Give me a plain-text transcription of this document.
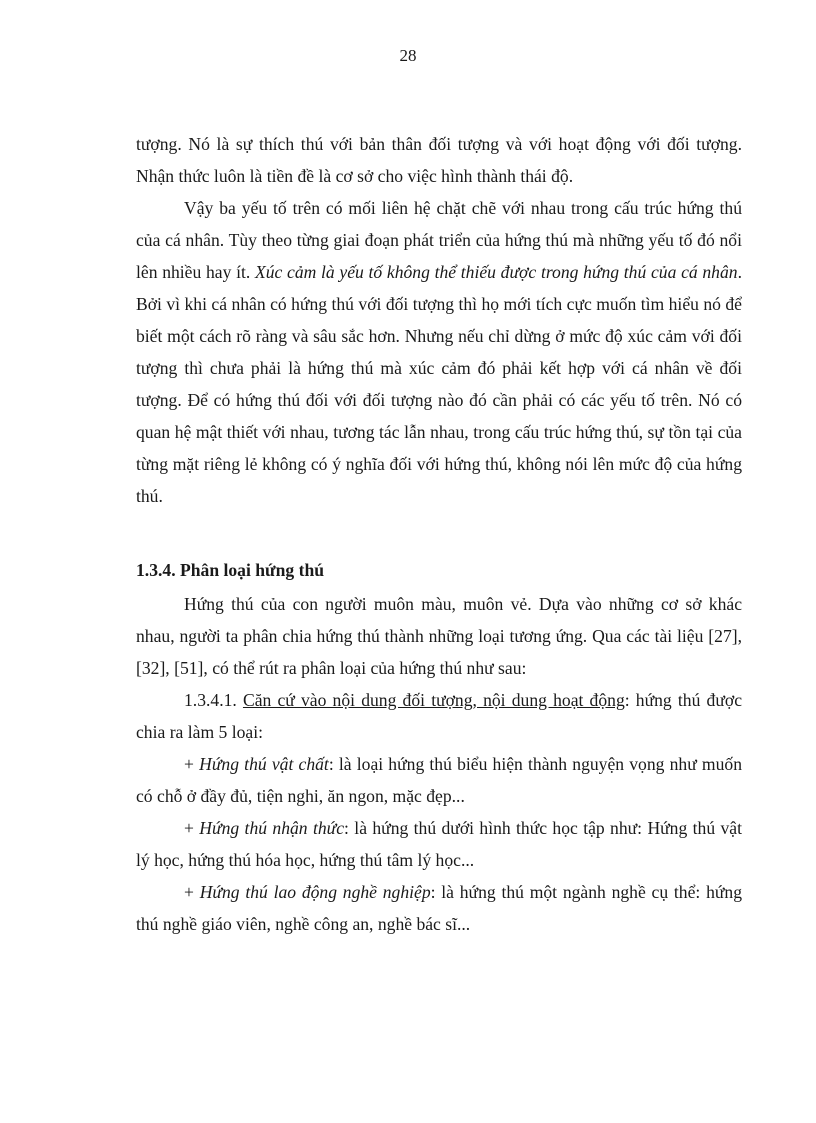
28

tượng. Nó là sự thích thú với bản thân đối tượng và với hoạt động với đối tượng. Nhận thức luôn là tiền đề là cơ sở cho việc hình thành thái độ.

Vậy ba yếu tố trên có mối liên hệ chặt chẽ với nhau trong cấu trúc hứng thú của cá nhân. Tùy theo từng giai đoạn phát triển của hứng thú mà những yếu tố đó nổi lên nhiều hay ít. Xúc cảm là yếu tố không thể thiếu được trong hứng thú của cá nhân. Bởi vì khi cá nhân có hứng thú với đối tượng thì họ mới tích cực muốn tìm hiểu nó để biết một cách rõ ràng và sâu sắc hơn. Nhưng nếu chỉ dừng ở mức độ xúc cảm với đối tượng thì chưa phải là hứng thú mà xúc cảm đó phải kết hợp với cá nhân về đối tượng. Để có hứng thú đối với đối tượng nào đó cần phải có các yếu tố trên. Nó có quan hệ mật thiết với nhau, tương tác lẫn nhau, trong cấu trúc hứng thú, sự tồn tại của từng mặt riêng lẻ không có ý nghĩa đối với hứng thú, không nói lên mức độ của hứng thú.

1.3.4. Phân loại hứng thú

Hứng thú của con người muôn màu, muôn vẻ. Dựa vào những cơ sở khác nhau, người ta phân chia hứng thú thành những loại tương ứng. Qua các tài liệu [27], [32], [51], có thể rút ra phân loại của hứng thú như sau:

1.3.4.1. Căn cứ vào nội dung đối tượng, nội dung hoạt động: hứng thú được chia ra làm 5 loại:

+ Hứng thú vật chất: là loại hứng thú biểu hiện thành nguyện vọng như muốn có chỗ ở đầy đủ, tiện nghi, ăn ngon, mặc đẹp...

+ Hứng thú nhận thức: là hứng thú dưới hình thức học tập như: Hứng thú vật lý học, hứng thú hóa học, hứng thú tâm lý học...

+ Hứng thú lao động nghề nghiệp: là hứng thú một ngành nghề cụ thể: hứng thú nghề giáo viên, nghề công an, nghề bác sĩ...
